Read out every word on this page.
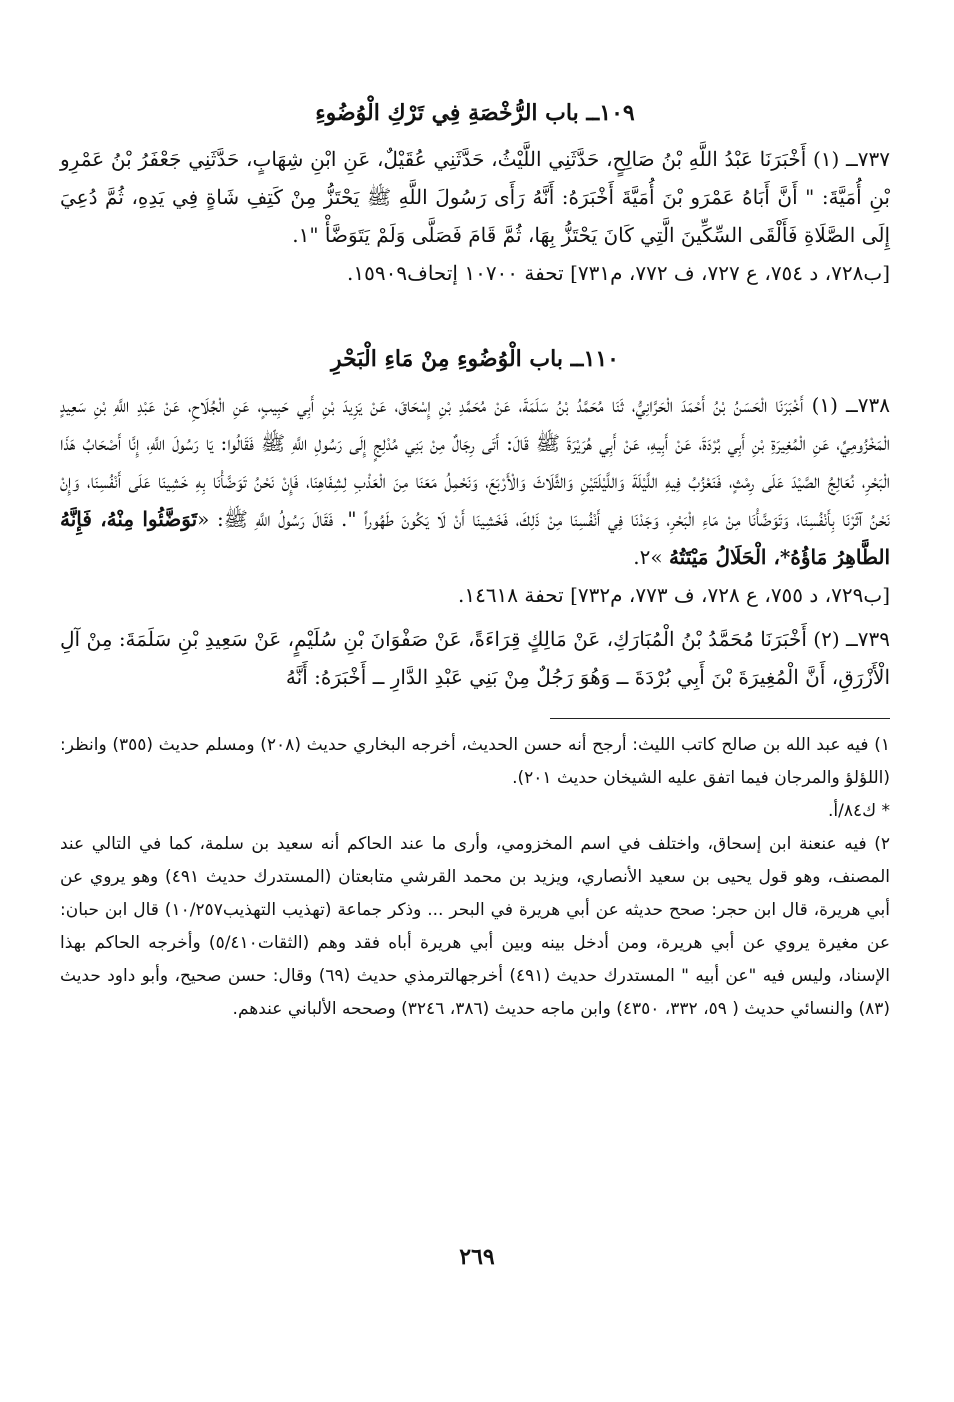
١٠٩ــ باب الرُّخْصَةِ فِي تَرْكِ الْوُضُوءِ

٧٣٧ــ (١) أَخْبَرَنَا عَبْدُ اللَّهِ بْنُ صَالِحٍ، حَدَّثَنِي اللَّيْثُ، حَدَّثَنِي عُقَيْلٌ، عَنِ ابْنِ شِهَابٍ، حَدَّثَنِي جَعْفَرُ بْنُ عَمْرِو بْنِ أُمَيَّةَ: " أَنَّ أَبَاهُ عَمْرَو بْنَ أُمَيَّةَ أَخْبَرَهُ: أَنَّهُ رَأَى رَسُولَ اللَّهِ ﷺ يَحْتَزُّ مِنْ كَتِفِ شَاةٍ فِي يَدِهِ، ثُمَّ دُعِيَ إِلَى الصَّلَاةِ فَأَلْقَى السِّكِّينَ الَّتِي كَانَ يَحْتَزُّ بِهَا، ثُمَّ قَامَ فَصَلَّى وَلَمْ يَتَوَضَّأْ "١.

[ب٧٢٨، د ٧٥٤، ع ٧٢٧، ف ٧٧٢، م٧٣١] تحفة ١٠٧٠٠ إتحاف١٥٩٠٩.

١١٠ــ باب الْوُضُوءِ مِنْ مَاءِ الْبَحْرِ

٧٣٨ــ (١) أَخْبَرَنَا الْحَسَنُ بْنُ أَحْمَدَ الْحَرَّانِيُّ، ثَنَا مُحَمَّدُ بْنُ سَلَمَةَ، عَنْ مُحَمَّدِ بْنِ إِسْحَاقَ، عَنْ يَزِيدَ بْنِ أَبِي حَبِيبٍ، عَنِ الْجُلَاحِ، عَنْ عَبْدِ اللَّهِ بْنِ سَعِيدٍ الْمَخْزُومِيِّ، عَنِ الْمُغِيرَةِ بْنِ أَبِي بُرْدَةَ، عَنْ أَبِيهِ، عَنْ أَبِي هُرَيْرَةَ ﷺ قَالَ: أَتَى رِجَالٌ مِنْ بَنِي مُدْلِجٍ إِلَى رَسُولِ اللَّهِ ﷺ فَقَالُوا: يَا رَسُولَ اللَّهِ، إِنَّا أَصْحَابُ هَذَا الْبَحْرِ، نُعَالِجُ الصَّيْدَ عَلَى رِمْثٍ، فَنَعْزُبُ فِيهِ اللَّيْلَةَ وَاللَّيْلَتَيْنِ وَالثَّلَاثَ وَالْأَرْبَعَ، وَنَحْمِلُ مَعَنَا مِنَ الْعَذْبِ لِشِفَاهِنَا، فَإِنْ نَحْنُ تَوَضَّأْنَا بِهِ خَشِينَا عَلَى أَنْفُسِنَا، وَإِنْ نَحْنُ آثَرْنَا بِأَنْفُسِنَا، وَتَوَضَّأْنَا مِنْ مَاءِ الْبَحْرِ، وَجَدْنَا فِي أَنْفُسِنَا مِنْ ذَلِكَ، فَخَشِينَا أَنْ لَا يَكُونَ طَهُوراً ". فَقَالَ رَسُولُ اللَّهِ ﷺ: «تَوَضَّئُوا مِنْهُ، فَإِنَّهُ الطَّاهِرُ مَاؤُهُ*، الْحَلَالُ مَيْتَتُهُ »٢.

[ب٧٢٩، د ٧٥٥، ع ٧٢٨، ف ٧٧٣، م٧٣٢] تحفة ١٤٦١٨.

٧٣٩ــ (٢) أَخْبَرَنَا مُحَمَّدُ بْنُ الْمُبَارَكِ، عَنْ مَالِكٍ قِرَاءَةً، عَنْ صَفْوَانَ بْنِ سُلَيْمٍ، عَنْ سَعِيدِ بْنِ سَلَمَةَ: مِنْ آلِ الْأَزْرَقِ، أَنَّ الْمُغِيرَةَ بْنَ أَبِي بُرْدَةَ ــ وَهُوَ رَجُلٌ مِنْ بَنِي عَبْدِ الدَّارِ ــ أَخْبَرَهُ: أَنَّهُ

١) فيه عبد الله بن صالح كاتب الليث: أرجح أنه حسن الحديث، أخرجه البخاري حديث (٢٠٨) ومسلم حديث (٣٥٥) وانظر: (اللؤلؤ والمرجان فيما اتفق عليه الشيخان حديث ٢٠١).

* ك٨٤/أ.

٢) فيه عنعنة ابن إسحاق، واختلف في اسم المخزومي، وأرى ما عند الحاكم أنه سعيد بن سلمة، كما في التالي عند المصنف، وهو قول يحيى بن سعيد الأنصاري، ويزيد بن محمد القرشي متابعتان (المستدرك حديث ٤٩١) وهو يروي عن أبي هريرة، قال ابن حجر: صحح حديثه عن أبي هريرة في البحر ... وذكر جماعة (تهذيب التهذيب١٠/٢٥٧) قال ابن حبان: عن مغيرة يروي عن أبي هريرة، ومن أدخل بينه وبين أبي هريرة أباه فقد وهم (الثقات٥/٤١٠) وأخرجه الحاكم بهذا الإسناد، وليس فيه "عن أبيه " المستدرك حديث (٤٩١) أخرجهالترمذي حديث (٦٩) وقال: حسن صحيح، وأبو داود حديث (٨٣) والنسائي حديث ( ٥٩، ٣٣٢، ٤٣٥٠) وابن ماجه حديث (٣٨٦، ٣٢٤٦) وصححه الألباني عندهم.

٢٦٩
